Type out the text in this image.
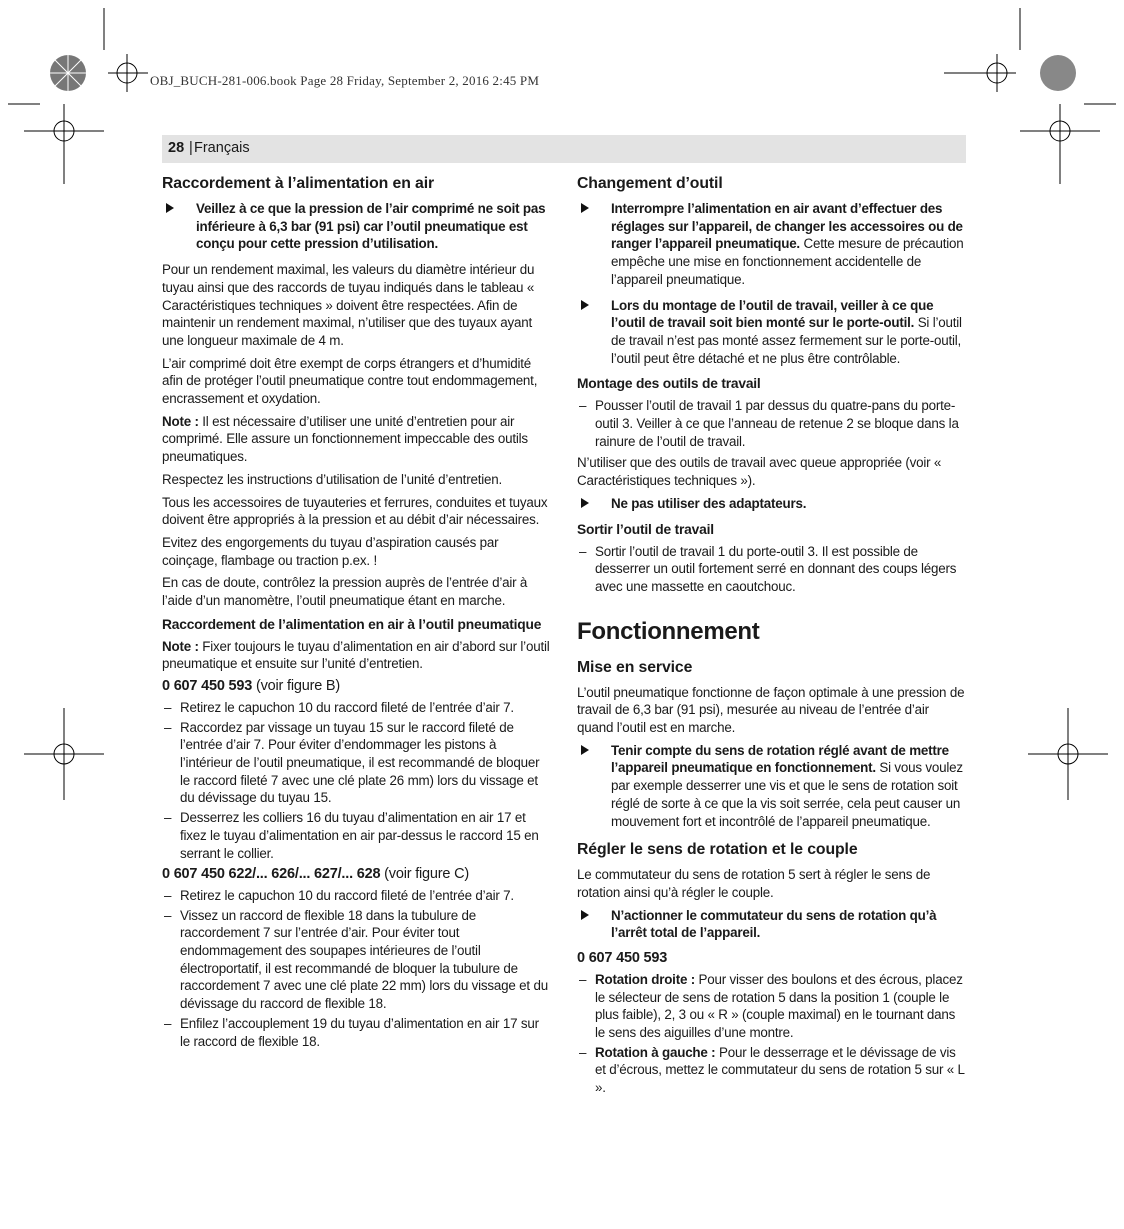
OBJ_BUCH-281-006.book Page 28 Friday, September 2, 2016 2:45 PM
28 | Français
Raccordement à l’alimentation en air
Veillez à ce que la pression de l’air comprimé ne soit pas inférieure à 6,3 bar (91 psi) car l’outil pneumatique est conçu pour cette pression d’utilisation.

Pour un rendement maximal, les valeurs du diamètre intérieur du tuyau ainsi que des raccords de tuyau indiqués dans le tableau « Caractéristiques techniques » doivent être respectées. Afin de maintenir un rendement maximal, n’utiliser que des tuyaux ayant une longueur maximale de 4 m.

L’air comprimé doit être exempt de corps étrangers et d’humidité afin de protéger l’outil pneumatique contre tout endommagement, encrassement et oxydation.

Note : Il est nécessaire d’utiliser une unité d’entretien pour air comprimé. Elle assure un fonctionnement impeccable des outils pneumatiques.

Respectez les instructions d’utilisation de l’unité d’entretien.

Tous les accessoires de tuyauteries et ferrures, conduites et tuyaux doivent être appropriés à la pression et au débit d’air nécessaires.

Evitez des engorgements du tuyau d’aspiration causés par coinçage, flambage ou traction p.ex. !

En cas de doute, contrôlez la pression auprès de l’entrée d’air à l’aide d’un manomètre, l’outil pneumatique étant en marche.

Raccordement de l’alimentation en air à l’outil pneumatique

Note : Fixer toujours le tuyau d’alimentation en air d’abord sur l’outil pneumatique et ensuite sur l’unité d’entretien.

0 607 450 593 (voir figure B)

– Retirez le capuchon 10 du raccord fileté de l’entrée d’air 7.
– Raccordez par vissage un tuyau 15 sur le raccord fileté de l’entrée d’air 7. Pour éviter d’endommager les pistons à l’intérieur de l’outil pneumatique, il est recommandé de bloquer le raccord fileté 7 avec une clé plate 26 mm) lors du vissage et du dévissage du tuyau 15.
– Desserrez les colliers 16 du tuyau d’alimentation en air 17 et fixez le tuyau d’alimentation en air par-dessus le raccord 15 en serrant le collier.

0 607 450 622/... 626/... 627/... 628 (voir figure C)

– Retirez le capuchon 10 du raccord fileté de l’entrée d’air 7.
– Vissez un raccord de flexible 18 dans la tubulure de raccordement 7 sur l’entrée d’air. Pour éviter tout endommagement des soupapes intérieures de l’outil électroportatif, il est recommandé de bloquer la tubulure de raccordement 7 avec une clé plate 22 mm) lors du vissage et du dévissage du raccord de flexible 18.
– Enfilez l’accouplement 19 du tuyau d’alimentation en air 17 sur le raccord de flexible 18.
Changement d’outil
Interrompre l’alimentation en air avant d’effectuer des réglages sur l’appareil, de changer les accessoires ou de ranger l’appareil pneumatique. Cette mesure de précaution empêche une mise en fonctionnement accidentelle de l’appareil pneumatique.
Lors du montage de l’outil de travail, veiller à ce que l’outil de travail soit bien monté sur le porte-outil. Si l’outil de travail n’est pas monté assez fermement sur le porte-outil, l’outil peut être détaché et ne plus être contrôlable.
Montage des outils de travail
– Pousser l’outil de travail 1 par dessus du quatre-pans du porte-outil 3. Veiller à ce que l’anneau de retenue 2 se bloque dans la rainure de l’outil de travail.

N’utiliser que des outils de travail avec queue appropriée (voir « Caractéristiques techniques »).

Ne pas utiliser des adaptateurs.
Sortir l’outil de travail
– Sortir l’outil de travail 1 du porte-outil 3. Il est possible de desserrer un outil fortement serré en donnant des coups légers avec une massette en caoutchouc.
Fonctionnement
Mise en service

L’outil pneumatique fonctionne de façon optimale à une pression de travail de 6,3 bar (91 psi), mesurée au niveau de l’entrée d’air quand l’outil est en marche.

Tenir compte du sens de rotation réglé avant de mettre l’appareil pneumatique en fonctionnement. Si vous voulez par exemple desserrer une vis et que le sens de rotation soit réglé de sorte à ce que la vis soit serrée, cela peut causer un mouvement fort et incontrôlé de l’appareil pneumatique.
Régler le sens de rotation et le couple

Le commutateur du sens de rotation 5 sert à régler le sens de rotation ainsi qu’à régler le couple.

N’actionner le commutateur du sens de rotation qu’à l’arrêt total de l’appareil.

0 607 450 593

– Rotation droite : Pour visser des boulons et des écrous, placez le sélecteur de sens de rotation 5 dans la position 1 (couple le plus faible), 2, 3 ou « R » (couple maximal) en le tournant dans le sens des aiguilles d’une montre.
– Rotation à gauche : Pour le desserrage et le dévissage de vis et d’écrous, mettez le commutateur du sens de rotation 5 sur « L ».
